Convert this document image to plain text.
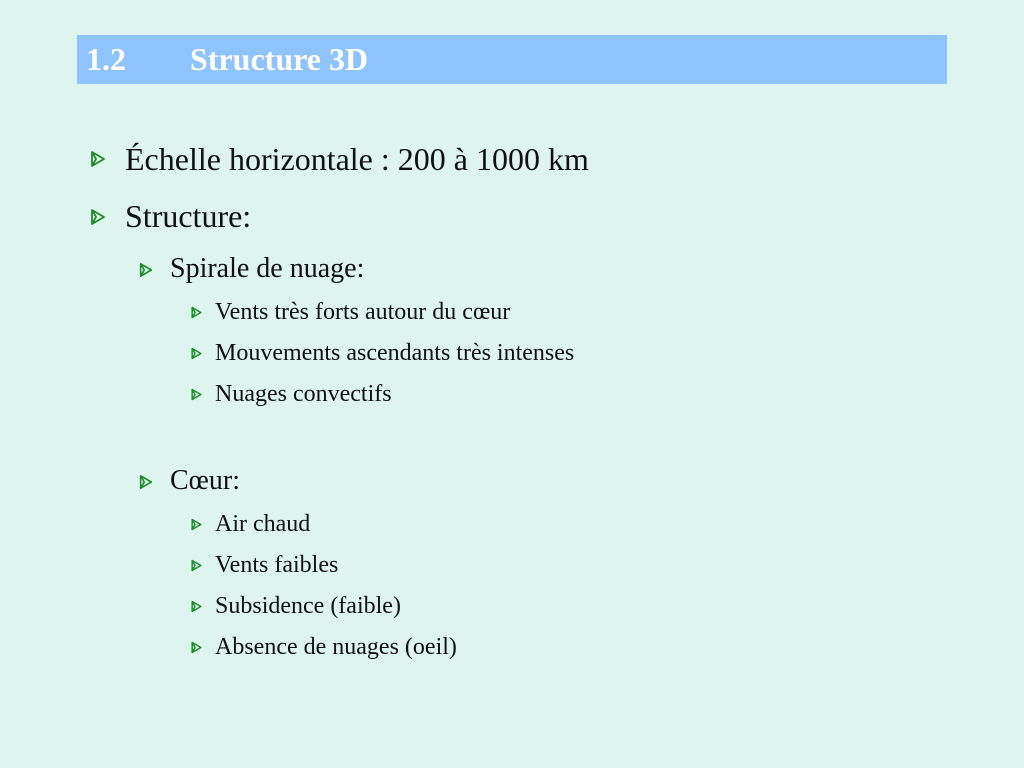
1.2 Structure 3D
Échelle horizontale : 200 à 1000 km
Structure:
Spirale de nuage:
Vents très forts autour du cœur
Mouvements ascendants très intenses
Nuages convectifs
Cœur:
Air chaud
Vents faibles
Subsidence (faible)
Absence de nuages (oeil)
